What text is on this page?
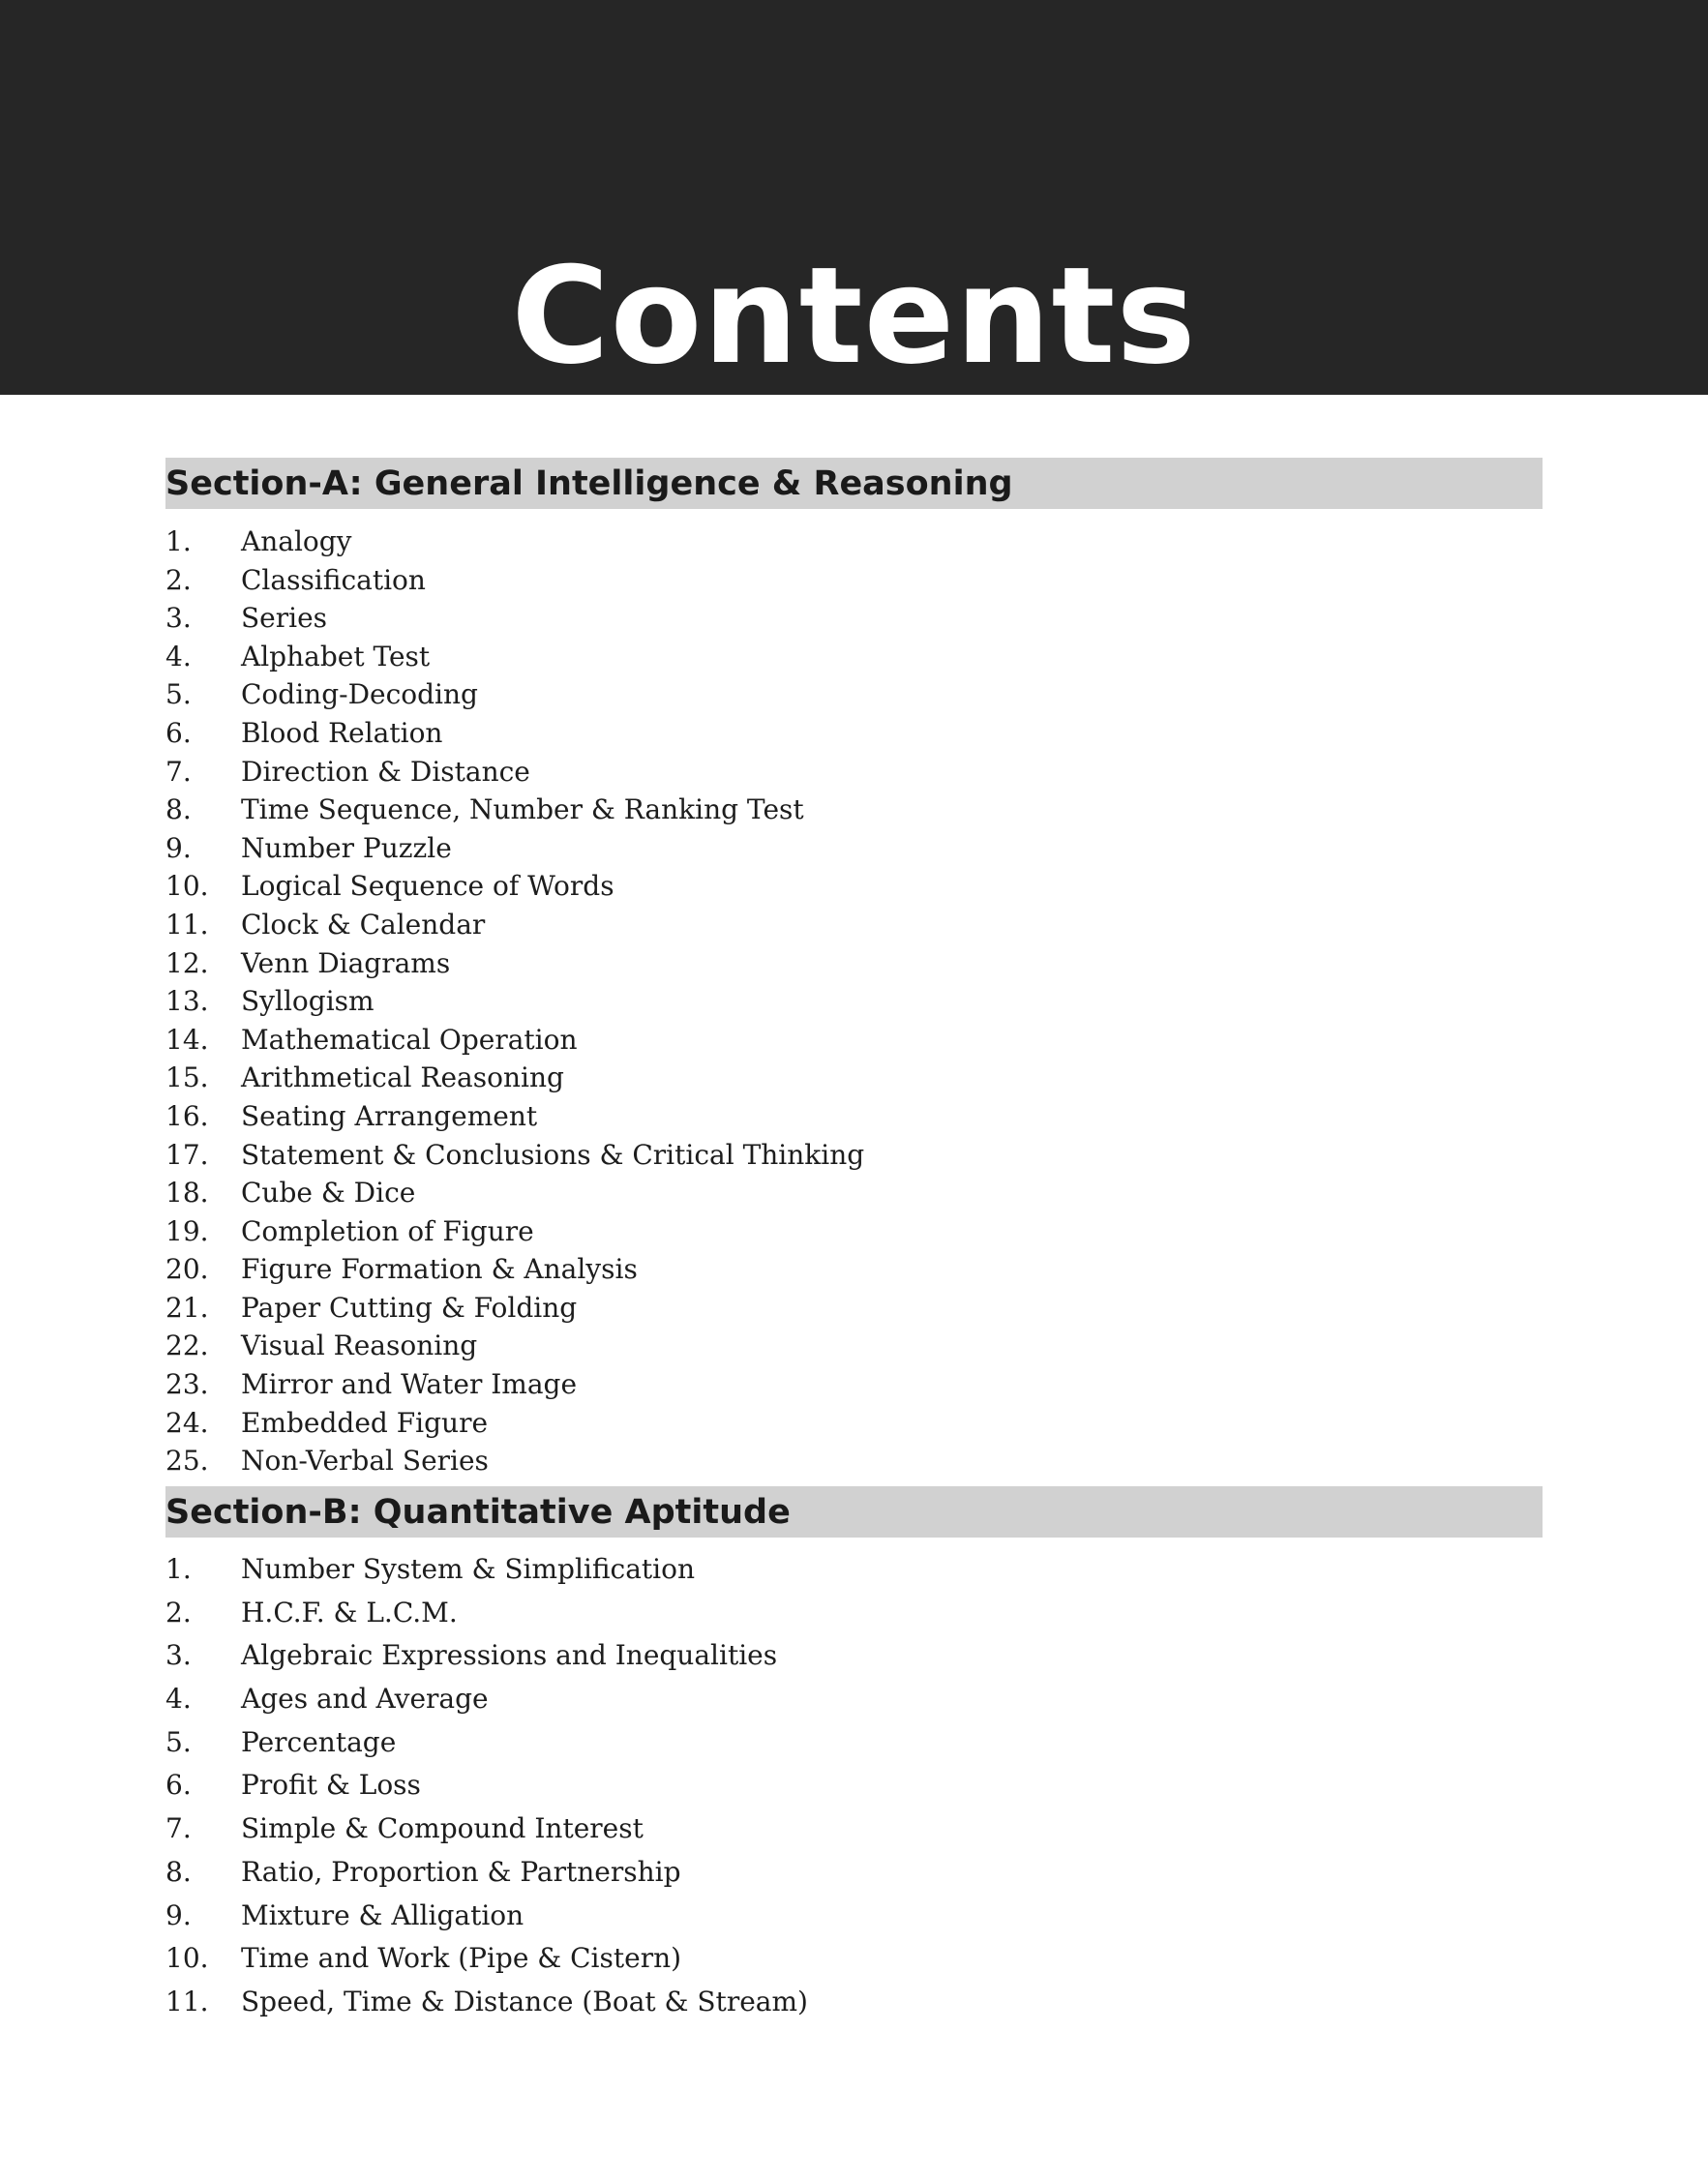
Contents
Section-A: General Intelligence & Reasoning
1.	Analogy
2.	Classification
3.	Series
4.	Alphabet Test
5.	Coding-Decoding
6.	Blood Relation
7.	Direction & Distance
8.	Time Sequence, Number & Ranking Test
9.	Number Puzzle
10.	Logical Sequence of Words
11.	Clock & Calendar
12.	Venn Diagrams
13.	Syllogism
14.	Mathematical Operation
15.	Arithmetical Reasoning
16.	Seating Arrangement
17.	Statement & Conclusions & Critical Thinking
18.	Cube & Dice
19.	Completion of Figure
20.	Figure Formation & Analysis
21.	Paper Cutting & Folding
22.	Visual Reasoning
23.	Mirror and Water Image
24.	Embedded Figure
25.	Non-Verbal Series
Section-B: Quantitative Aptitude
1.	Number System & Simplification
2.	H.C.F. & L.C.M.
3.	Algebraic Expressions and Inequalities
4.	Ages and Average
5.	Percentage
6.	Profit & Loss
7.	Simple & Compound Interest
8.	Ratio, Proportion & Partnership
9.	Mixture & Alligation
10.	Time and Work (Pipe & Cistern)
11.	Speed, Time & Distance (Boat & Stream)
